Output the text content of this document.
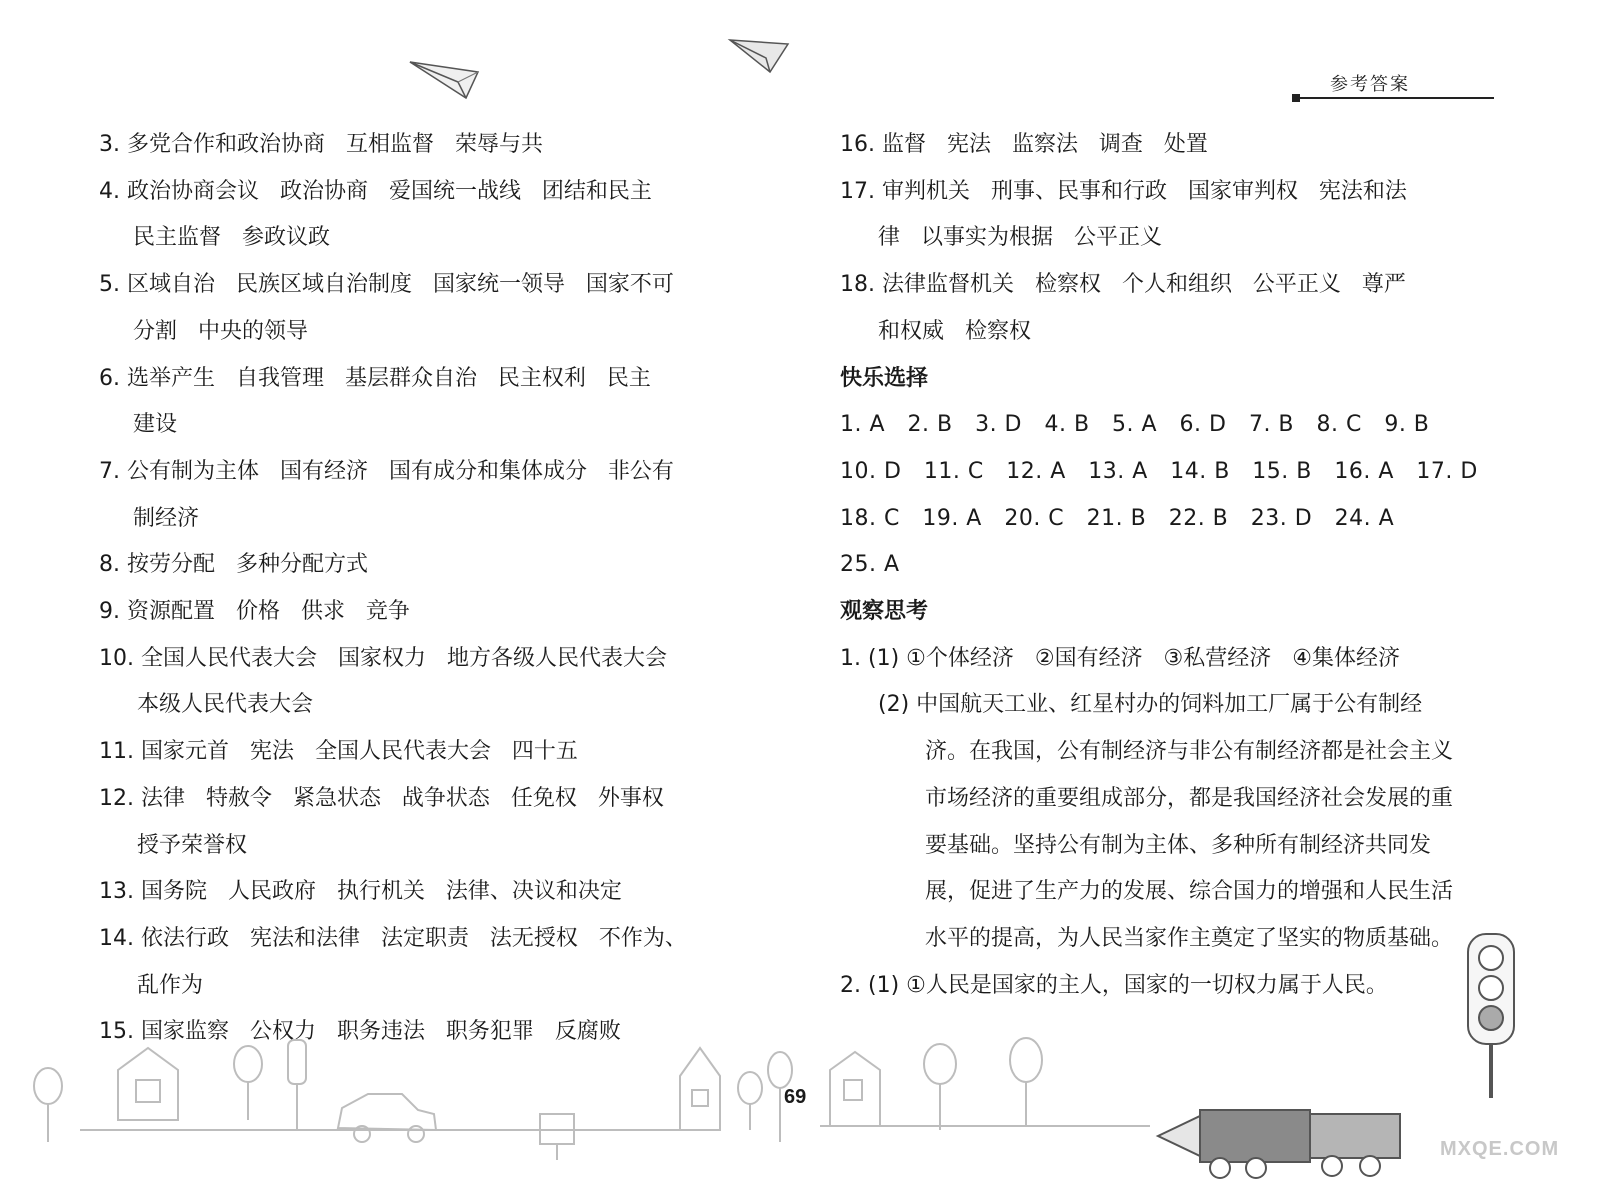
参考答案
3. 多党合作和政治协商   互相监督   荣辱与共
4. 政治协商会议   政治协商   爱国统一战线   团结和民主
民主监督   参政议政
5. 区域自治   民族区域自治制度   国家统一领导   国家不可
分割   中央的领导
6. 选举产生   自我管理   基层群众自治   民主权利   民主
建设
7. 公有制为主体   国有经济   国有成分和集体成分   非公有
制经济
8. 按劳分配   多种分配方式
9. 资源配置   价格   供求   竞争
10. 全国人民代表大会   国家权力   地方各级人民代表大会
本级人民代表大会
11. 国家元首   宪法   全国人民代表大会   四十五
12. 法律   特赦令   紧急状态   战争状态   任免权   外事权
授予荣誉权
13. 国务院   人民政府   执行机关   法律、决议和决定
14. 依法行政   宪法和法律   法定职责   法无授权   不作为、
乱作为
15. 国家监察   公权力   职务违法   职务犯罪   反腐败
16. 监督   宪法   监察法   调查   处置
17. 审判机关   刑事、民事和行政   国家审判权   宪法和法
律   以事实为根据   公平正义
18. 法律监督机关   检察权   个人和组织   公平正义   尊严
和权威   检察权
快乐选择
1. A   2. B   3. D   4. B   5. A   6. D   7. B   8. C   9. B
10. D   11. C   12. A   13. A   14. B   15. B   16. A   17. D
18. C   19. A   20. C   21. B   22. B   23. D   24. A
25. A
观察思考
1. (1) ①个体经济   ②国有经济   ③私营经济   ④集体经济
(2) 中国航天工业、红星村办的饲料加工厂属于公有制经
济。在我国，公有制经济与非公有制经济都是社会主义
市场经济的重要组成部分，都是我国经济社会发展的重
要基础。坚持公有制为主体、多种所有制经济共同发
展，促进了生产力的发展、综合国力的增强和人民生活
水平的提高，为人民当家作主奠定了坚实的物质基础。
2. (1) ①人民是国家的主人，国家的一切权力属于人民。
69
MXQE.COM
